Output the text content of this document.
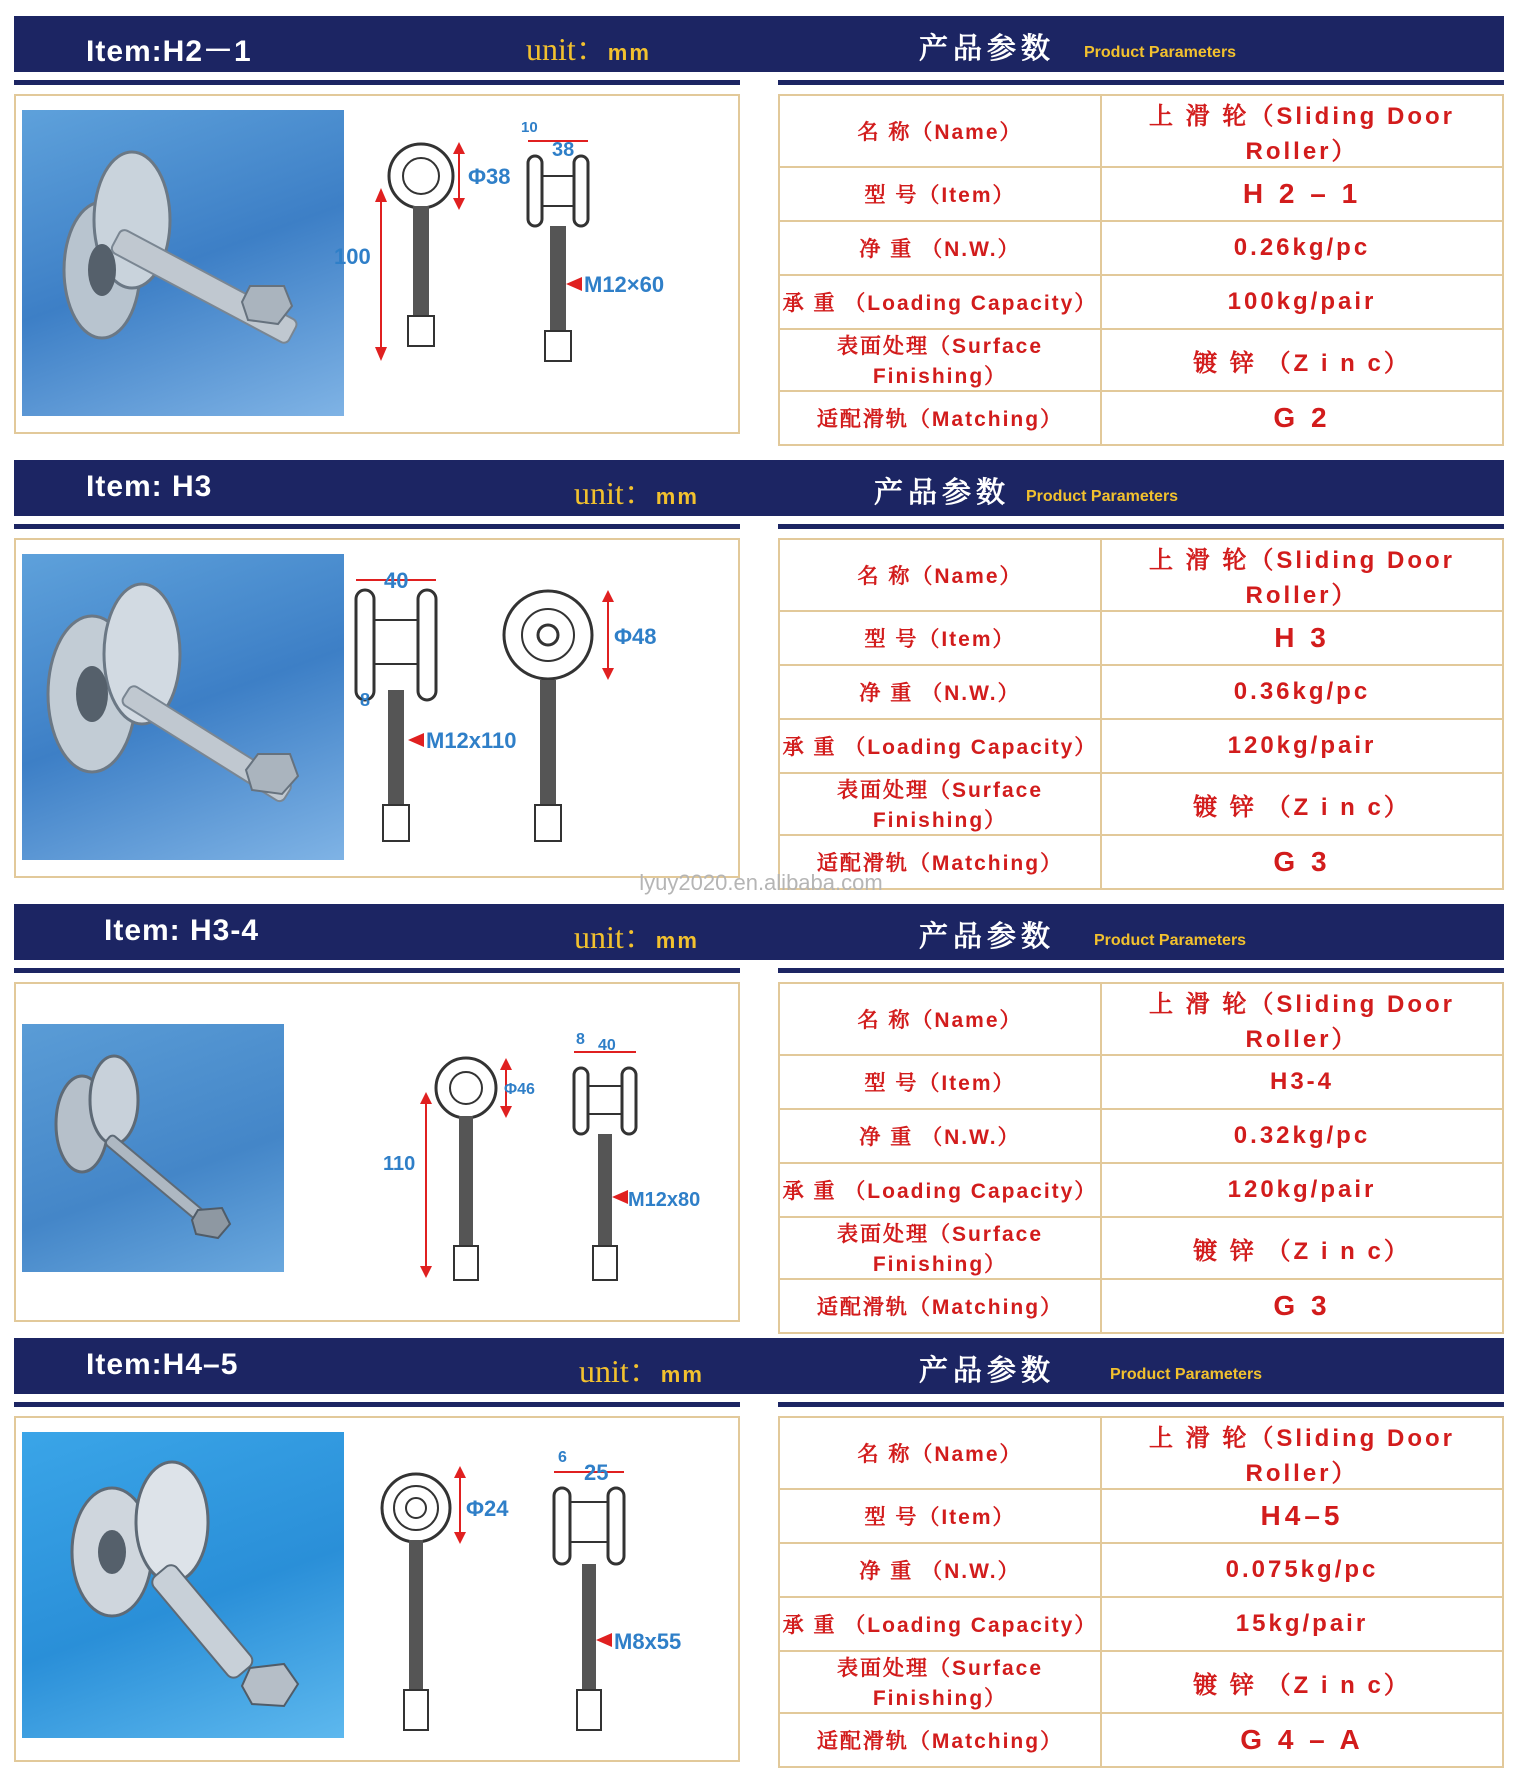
Item:H2－1	unit：mm	产品参数 Product Parameters
Φ38
100
10
38
M12×60
名 称（Name）	上 滑 轮（Sliding Door Roller）
型 号（Item）	H 2 – 1
净 重 （N.W.）	0.26kg/pc
承 重 （Loading Capacity）	100kg/pair
表面处理（Surface Finishing）	镀 锌 （Z i n c）
适配滑轨（Matching）	G 2
Item: H3	unit：mm	产品参数 Product Parameters
40
8
M12x110
Φ48
名 称（Name）	上 滑 轮（Sliding Door Roller）
型 号（Item）	H 3
净 重 （N.W.）	0.36kg/pc
承 重 （Loading Capacity）	120kg/pair
表面处理（Surface Finishing）	镀 锌 （Z i n c）
适配滑轨（Matching）	G 3
lyuy2020.en.alibaba.com
Item: H3-4	unit：mm	产品参数 Product Parameters
Φ46
110
8 40
M12x80
名 称（Name）	上 滑 轮（Sliding Door Roller）
型 号（Item）	H3-4
净 重 （N.W.）	0.32kg/pc
承 重 （Loading Capacity）	120kg/pair
表面处理（Surface Finishing）	镀 锌 （Z i n c）
适配滑轨（Matching）	G 3
Item:H4–5	unit：mm	产品参数	Product Parameters
Φ24
6
25
M8x55
名 称（Name）	上 滑 轮（Sliding Door Roller）
型 号（Item）	H4–5
净 重 （N.W.）	0.075kg/pc
承 重 （Loading Capacity）	15kg/pair
表面处理（Surface Finishing）	镀 锌 （Z i n c）
适配滑轨（Matching）	G 4 – A
